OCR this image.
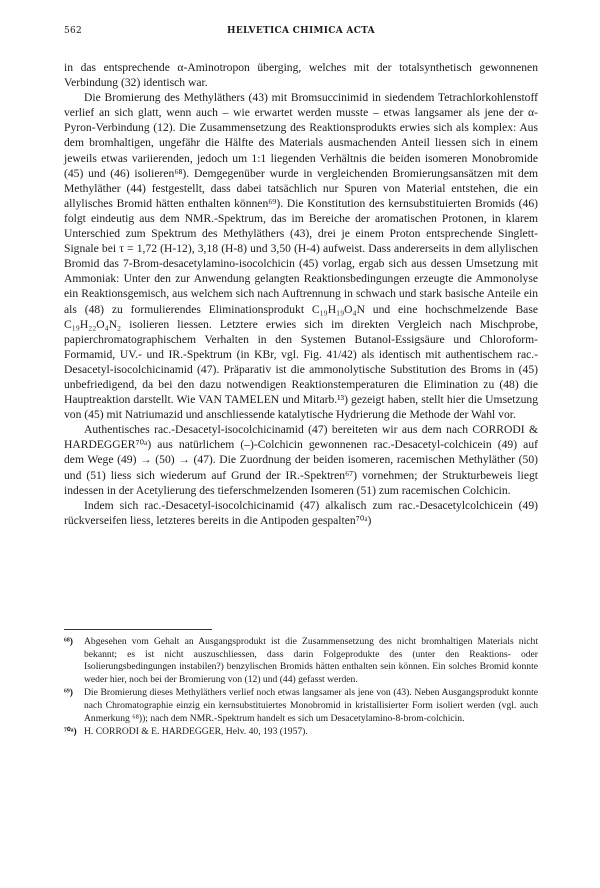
562	HELVETICA CHIMICA ACTA

in das entsprechende α-Aminotropon überging, welches mit der totalsynthetisch gewonnenen Verbindung (32) identisch war.

Die Bromierung des Methyläthers (43) mit Bromsuccinimid in siedendem Tetrachlorkohlenstoff verlief an sich glatt, wenn auch – wie erwartet werden musste – etwas langsamer als jene der α-Pyron-Verbindung (12). Die Zusammensetzung des Reaktionsprodukts erwies sich als komplex: Aus dem bromhaltigen, ungefähr die Hälfte des Materials ausmachenden Anteil liessen sich in einem jeweils etwas variierenden, jedoch um 1:1 liegenden Verhältnis die beiden isomeren Monobromide (45) und (46) isolieren⁶⁸). Demgegenüber wurde in vergleichenden Bromierungsansätzen mit dem Methyläther (44) festgestellt, dass dabei tatsächlich nur Spuren von Material entstehen, die ein allylisches Bromid hätten enthalten können⁶⁹). Die Konstitution des kernsubstituierten Bromids (46) folgt eindeutig aus dem NMR.-Spektrum, das im Bereiche der aromatischen Protonen, in klarem Unterschied zum Spektrum des Methyläthers (43), drei je einem Proton entsprechende Singlett-Signale bei τ = 1,72 (H-12), 3,18 (H-8) und 3,50 (H-4) aufweist. Dass andererseits in dem allylischen Bromid das 7-Brom-desacetylamino-isocolchicin (45) vorlag, ergab sich aus dessen Umsetzung mit Ammoniak: Unter den zur Anwendung gelangten Reaktionsbedingungen erzeugte die Ammonolyse ein Reaktionsgemisch, aus welchem sich nach Auftrennung in schwach und stark basische Anteile ein als (48) zu formulierendes Eliminationsprodukt C₁₉H₁₉O₄N und eine hochschmelzende Base C₁₉H₂₂O₄N₂ isolieren liessen. Letztere erwies sich im direkten Vergleich nach Mischprobe, papierchromatographischem Verhalten in den Systemen Butanol-Essigsäure und Chloroform-Formamid, UV.- und IR.-Spektrum (in KBr, vgl. Fig. 41/42) als identisch mit authentischem rac.-Desacetyl-isocolchicinamid (47). Präparativ ist die ammonolytische Substitution des Broms in (45) unbefriedigend, da bei den dazu notwendigen Reaktionstemperaturen die Elimination zu (48) die Hauptreaktion darstellt. Wie VAN TAMELEN und Mitarb.¹³) gezeigt haben, stellt hier die Umsetzung von (45) mit Natriumazid und anschliessende katalytische Hydrierung die Methode der Wahl vor.

Authentisches rac.-Desacetyl-isocolchicinamid (47) bereiteten wir aus dem nach CORRODI & HARDEGGER⁷⁰ᵃ) aus natürlichem (–)-Colchicin gewonnenen rac.-Desacetyl-colchicein (49) auf dem Wege (49) → (50) → (47). Die Zuordnung der beiden isomeren, racemischen Methyläther (50) und (51) liess sich wiederum auf Grund der IR.-Spektren⁶⁷) vornehmen; der Strukturbeweis liegt indessen in der Acetylierung des tieferschmelzenden Isomeren (51) zum racemischen Colchicin.

Indem sich rac.-Desacetyl-isocolchicinamid (47) alkalisch zum rac.-Desacetylcolchicein (49) rückverseifen liess, letzteres bereits in die Antipoden gespalten⁷⁰ᵃ)

⁶⁸) Abgesehen vom Gehalt an Ausgangsprodukt ist die Zusammensetzung des nicht bromhaltigen Materials nicht bekannt; es ist nicht auszuschliessen, dass darin Folgeprodukte des (unter den Reaktions- oder Isolierungsbedingungen instabilen?) benzylischen Bromids hätten enthalten sein können. Ein solches Bromid konnte weder hier, noch bei der Bromierung von (12) und (44) gefasst werden.
⁶⁹) Die Bromierung dieses Methyläthers verlief noch etwas langsamer als jene von (43). Neben Ausgangsprodukt konnte nach Chromatographie einzig ein kernsubstituiertes Monobromid in kristallisierter Form isoliert werden (vgl. auch Anmerkung ⁶⁸)); nach dem NMR.-Spektrum handelt es sich um Desacetylamino-8-brom-colchicin.
⁷⁰ᵃ) H. CORRODI & E. HARDEGGER, Helv. 40, 193 (1957).
